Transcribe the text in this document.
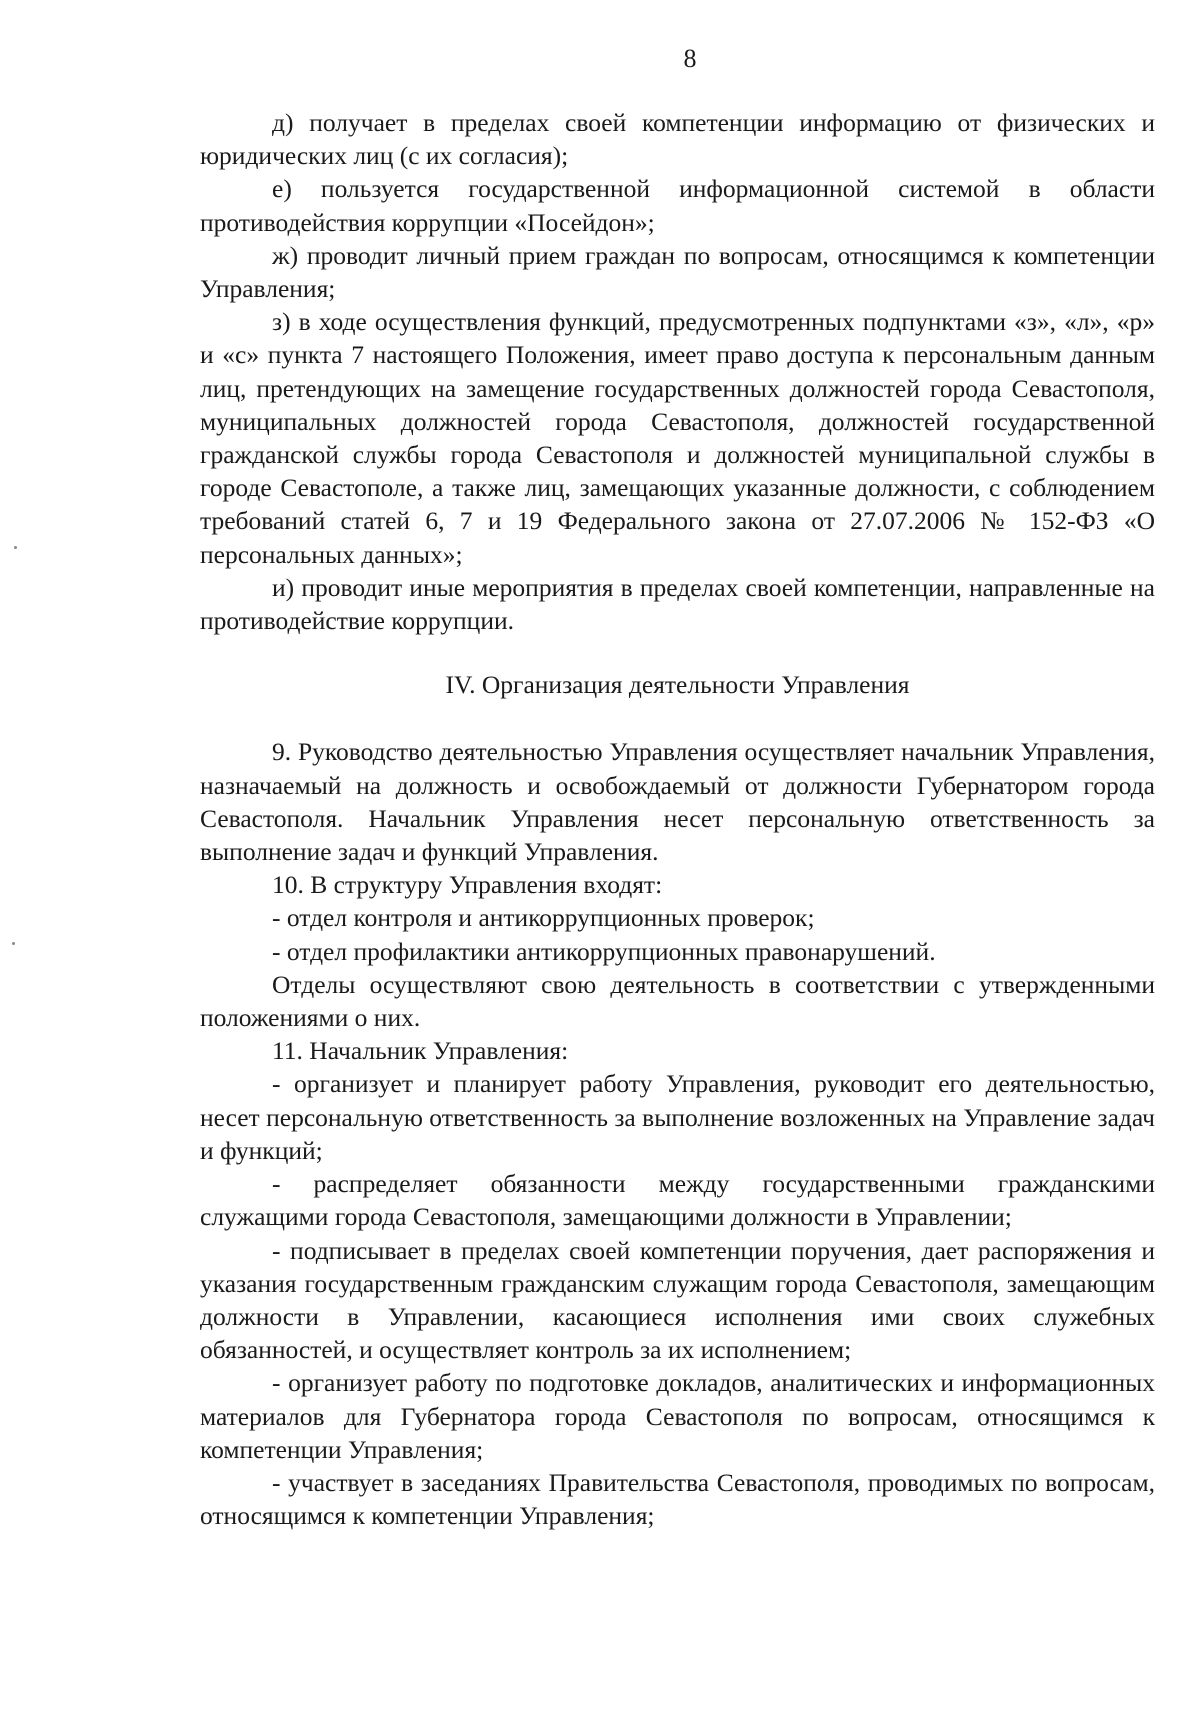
8

д) получает в пределах своей компетенции информацию от физических и юридических лиц (с их согласия);

е) пользуется государственной информационной системой в области противодействия коррупции «Посейдон»;

ж) проводит личный прием граждан по вопросам, относящимся к компетенции Управления;

з) в ходе осуществления функций, предусмотренных подпунктами «з», «л», «р» и «с» пункта 7 настоящего Положения, имеет право доступа к персональным данным лиц, претендующих на замещение государственных должностей города Севастополя, муниципальных должностей города Севастополя, должностей государственной гражданской службы города Севастополя и должностей муниципальной службы в городе Севастополе, а также лиц, замещающих указанные должности, с соблюдением требований статей 6, 7 и 19 Федерального закона от 27.07.2006 № 152-ФЗ «О персональных данных»;

и) проводит иные мероприятия в пределах своей компетенции, направленные на противодействие коррупции.

IV. Организация деятельности Управления

9. Руководство деятельностью Управления осуществляет начальник Управления, назначаемый на должность и освобождаемый от должности Губернатором города Севастополя. Начальник Управления несет персональную ответственность за выполнение задач и функций Управления.

10. В структуру Управления входят:

- отдел контроля и антикоррупционных проверок;

- отдел профилактики антикоррупционных правонарушений.

Отделы осуществляют свою деятельность в соответствии с утвержденными положениями о них.

11. Начальник Управления:

- организует и планирует работу Управления, руководит его деятельностью, несет персональную ответственность за выполнение возложенных на Управление задач и функций;

- распределяет обязанности между государственными гражданскими служащими города Севастополя, замещающими должности в Управлении;

- подписывает в пределах своей компетенции поручения, дает распоряжения и указания государственным гражданским служащим города Севастополя, замещающим должности в Управлении, касающиеся исполнения ими своих служебных обязанностей, и осуществляет контроль за их исполнением;

- организует работу по подготовке докладов, аналитических и информационных материалов для Губернатора города Севастополя по вопросам, относящимся к компетенции Управления;

- участвует в заседаниях Правительства Севастополя, проводимых по вопросам, относящимся к компетенции Управления;
